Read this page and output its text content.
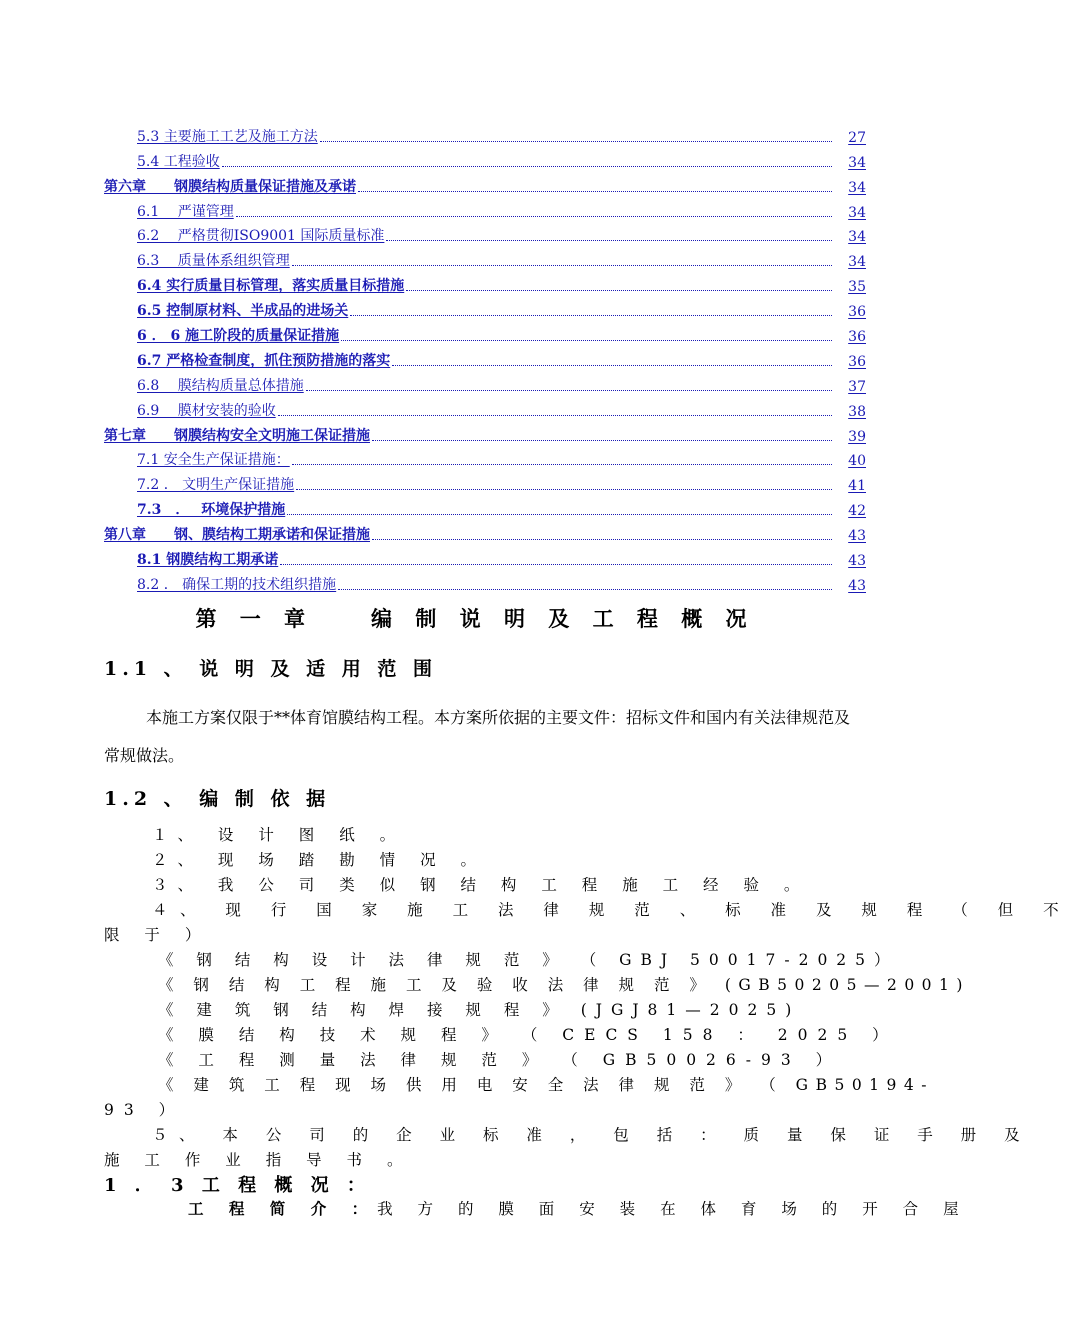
5.3 主要施工工艺及施工方法	27
5.4 工程验收	34
第六章　　钢膜结构质量保证措施及承诺	34
6.1　 严谨管理	34
6.2　 严格贯彻ISO9001 国际质量标准	34
6.3　 质量体系组织管理	34
6.4 实行质量目标管理，落实质量目标措施	35
6.5 控制原材料、半成品的进场关	36
6 ． 6 施工阶段的质量保证措施	36
6.7 严格检查制度，抓住预防措施的落实	36
6.8　 膜结构质量总体措施	37
6.9　 膜材安装的验收	38
第七章　　钢膜结构安全文明施工保证措施	39
7.1 安全生产保证措施：	40
7.2 ． 文明生产保证措施	41
7.3　．　 环境保护措施	42
第八章　　钢、膜结构工期承诺和保证措施	43
8.1 钢膜结构工期承诺	43
8.2 ． 确保工期的技术组织措施	43
第 一 章　　编 制 说 明 及 工 程 概 况
1.1 、 说 明 及 适 用 范 围
本施工方案仅限于**体育馆膜结构工程。本方案所依据的主要文件：招标文件和国内有关法律规范及常规做法。
1.2 、 编 制 依 据
１、 设 计 图 纸 。
２、 现 场 踏 勘 情 况 。
３、 我 公 司 类 似 钢 结 构 工 程 施 工 经 验 。
４、 现 行 国 家 施 工 法 律 规 范 、 标 准 及 规 程 （ 但 不
限 于 ）
《 钢 结 构 设 计 法 律 规 范 》 （ GBJ 50017-2025）
《 钢 结 构 工 程 施 工 及 验 收 法 律 规 范 》 (GB50205—2001)
《 建 筑 钢 结 构 焊 接 规 程 》 (JGJ81—2025)
《 膜 结 构 技 术 规 程 》 （ CECS 158 ： 2025 ）
《 工 程 测 量 法 律 规 范 》 （ GB50026-93 ）
《 建 筑 工 程 现 场 供 用 电 安 全 法 律 规 范 》 （ GB50194-
93 ）
５、 本 公 司 的 企 业 标 准 ， 包 括 ： 质 量 保 证 手 册 及
施 工 作 业 指 导 书 。
1 ． 3 工 程 概 况 ：
工 程 简 介 ：我 方 的 膜 面 安 装 在 体 育 场 的 开 合 屋
